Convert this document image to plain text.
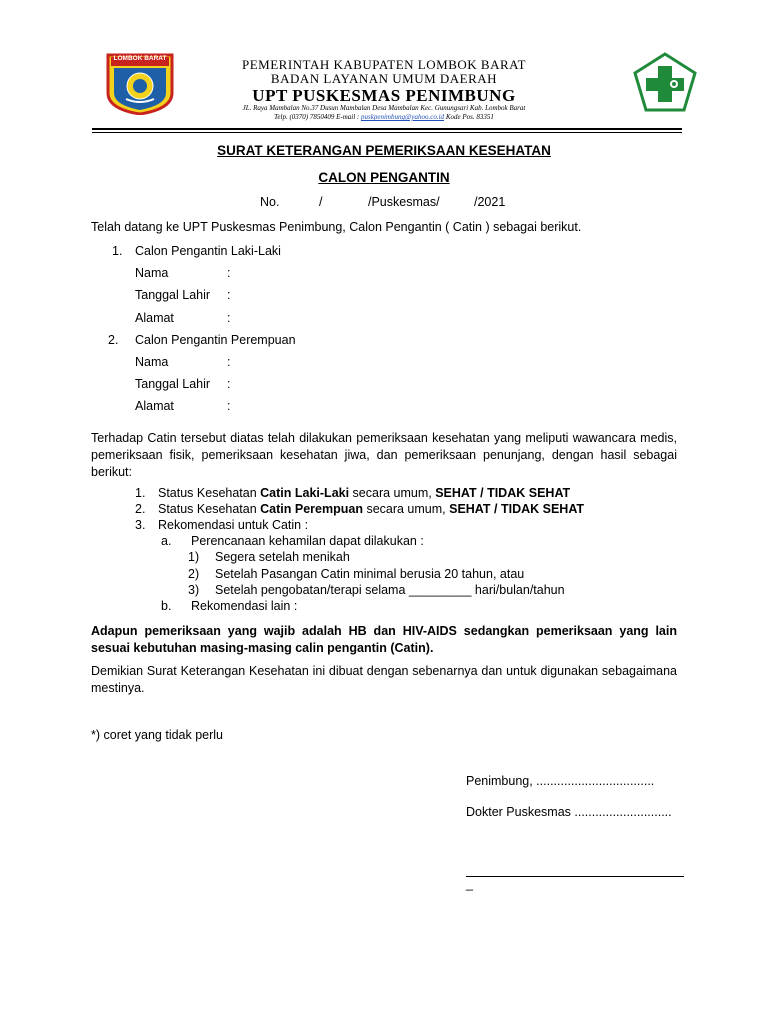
LOMBOK BARAT	PEMERINTAH KABUPATEN LOMBOK BARAT
BADAN LAYANAN UMUM DAERAH
UPT PUSKESMAS PENIMBUNG
JL. Raya Mambalan No.37 Dusun Mambalan Desa Mambalan Kec. Gunungsari Kab. Lombok Barat
Telp. (0370) 7850409 E-mail : puskpenimbung@yahoo.co.id Kode Pos. 83351
SURAT KETERANGAN PEMERIKSAAN KESEHATAN
CALON PENGANTIN
No.	/	/Puskesmas/	/2021
Telah datang ke UPT Puskesmas Penimbung, Calon Pengantin ( Catin ) sebagai berikut.
1. Calon Pengantin Laki-Laki
Nama	:
Tanggal Lahir :
Alamat	:
2. Calon Pengantin Perempuan
Nama	:
Tanggal Lahir :
Alamat	:
Terhadap Catin tersebut diatas telah dilakukan pemeriksaan kesehatan yang meliputi wawancara medis, pemeriksaan fisik, pemeriksaan kesehatan jiwa, dan pemeriksaan penunjang, dengan hasil sebagai berikut:
1. Status Kesehatan Catin Laki-Laki secara umum, SEHAT / TIDAK SEHAT
2. Status Kesehatan Catin Perempuan secara umum, SEHAT / TIDAK SEHAT
3. Rekomendasi untuk Catin :
a. Perencanaan kehamilan dapat dilakukan :
1) Segera setelah menikah
2) Setelah Pasangan Catin minimal berusia 20 tahun, atau
3) Setelah pengobatan/terapi selama _________ hari/bulan/tahun
b. Rekomendasi lain :
Adapun pemeriksaan yang wajib adalah HB dan HIV-AIDS sedangkan pemeriksaan yang lain sesuai kebutuhan masing-masing calin pengantin (Catin).
Demikian Surat Keterangan Kesehatan ini dibuat dengan sebenarnya dan untuk digunakan sebagaimana mestinya.
*) coret yang tidak perlu
Penimbung, ..................................
Dokter Puskesmas ............................
_
